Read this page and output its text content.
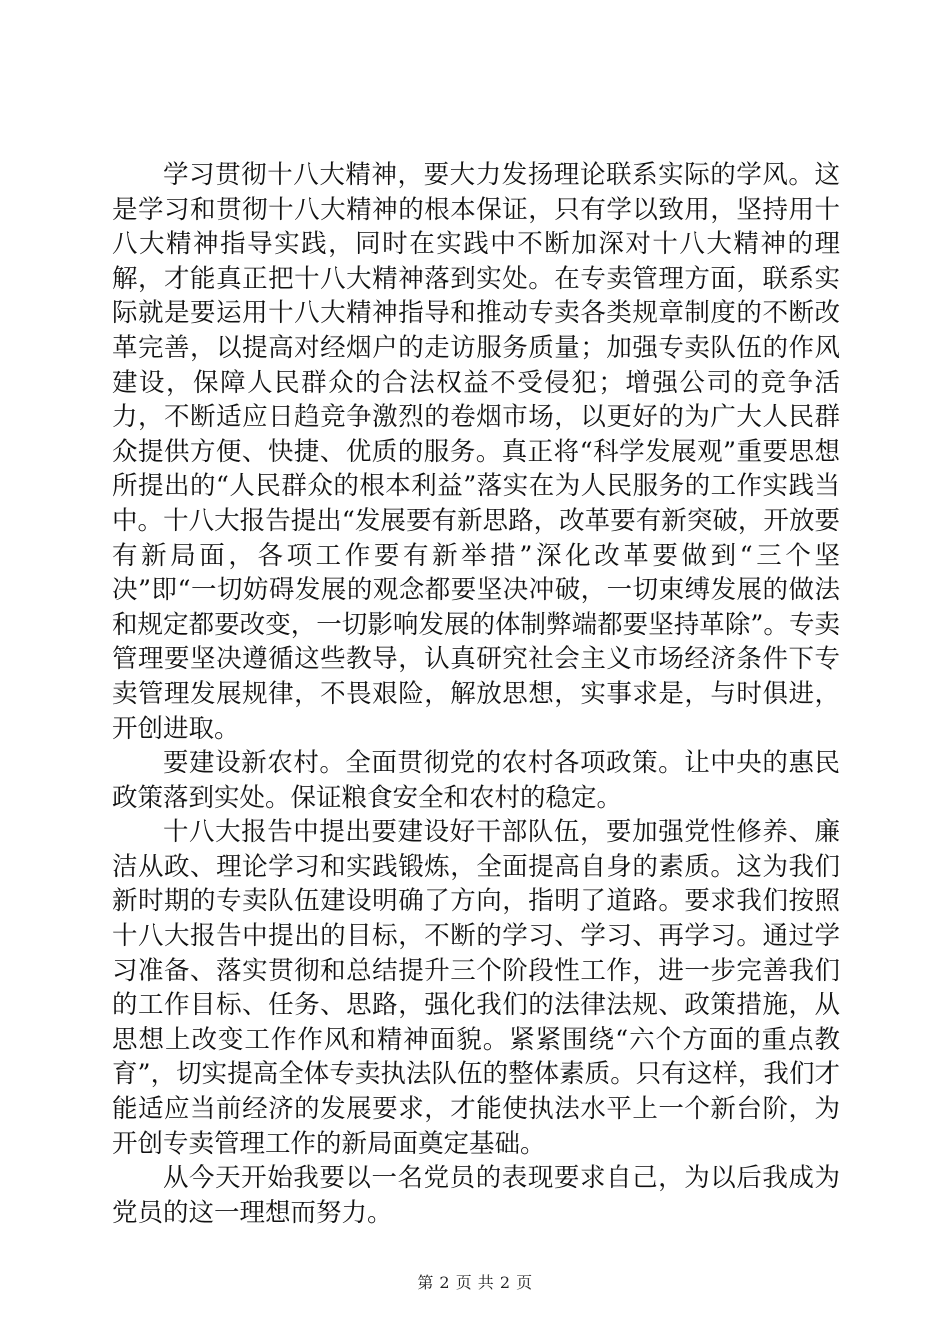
学习贯彻十八大精神，要大力发扬理论联系实际的学风。这是学习和贯彻十八大精神的根本保证，只有学以致用，坚持用十八大精神指导实践，同时在实践中不断加深对十八大精神的理解，才能真正把十八大精神落到实处。在专卖管理方面，联系实际就是要运用十八大精神指导和推动专卖各类规章制度的不断改革完善，以提高对经烟户的走访服务质量；加强专卖队伍的作风建设，保障人民群众的合法权益不受侵犯；增强公司的竞争活力，不断适应日趋竞争激烈的卷烟市场，以更好的为广大人民群众提供方便、快捷、优质的服务。真正将“科学发展观”重要思想所提出的“人民群众的根本利益”落实在为人民服务的工作实践当中。十八大报告提出“发展要有新思路，改革要有新突破，开放要有新局面，各项工作要有新举措”深化改革要做到“三个坚决”即“一切妨碍发展的观念都要坚决冲破，一切束缚发展的做法和规定都要改变，一切影响发展的体制弊端都要坚持革除”。专卖管理要坚决遵循这些教导，认真研究社会主义市场经济条件下专卖管理发展规律，不畏艰险，解放思想，实事求是，与时俱进，开创进取。

要建设新农村。全面贯彻党的农村各项政策。让中央的惠民政策落到实处。保证粮食安全和农村的稳定。

十八大报告中提出要建设好干部队伍，要加强党性修养、廉洁从政、理论学习和实践锻炼，全面提高自身的素质。这为我们新时期的专卖队伍建设明确了方向，指明了道路。要求我们按照十八大报告中提出的目标，不断的学习、学习、再学习。通过学习准备、落实贯彻和总结提升三个阶段性工作，进一步完善我们的工作目标、任务、思路，强化我们的法律法规、政策措施，从思想上改变工作作风和精神面貌。紧紧围绕“六个方面的重点教育”，切实提高全体专卖执法队伍的整体素质。只有这样，我们才能适应当前经济的发展要求，才能使执法水平上一个新台阶，为开创专卖管理工作的新局面奠定基础。

从今天开始我要以一名党员的表现要求自己，为以后我成为党员的这一理想而努力。

第 2 页 共 2 页
